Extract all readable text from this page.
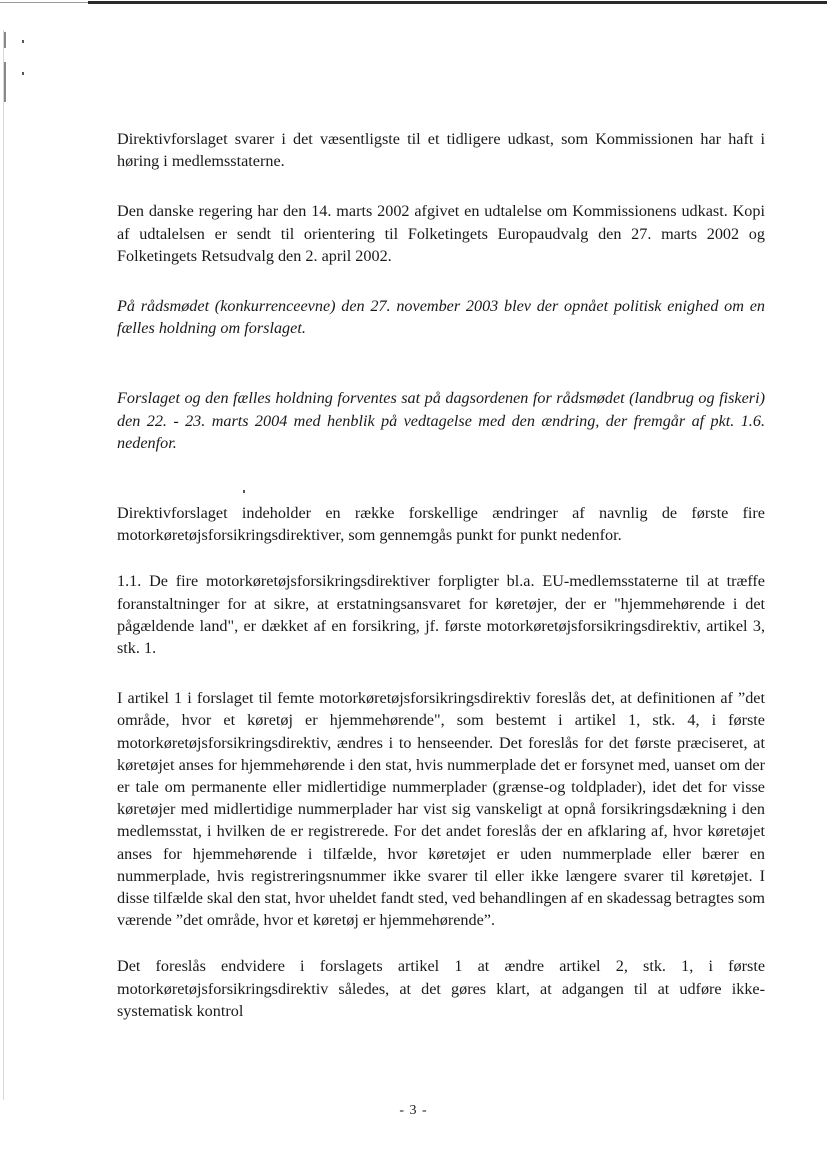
Direktivforslaget svarer i det væsentligste til et tidligere udkast, som Kommissionen har haft i høring i medlemsstaterne.

Den danske regering har den 14. marts 2002 afgivet en udtalelse om Kommissionens udkast. Kopi af udtalelsen er sendt til orientering til Folketingets Europaudvalg den 27. marts 2002 og Folketingets Retsudvalg den 2. april 2002.

På rådsmødet (konkurrenceevne) den 27. november 2003 blev der opnået politisk enighed om en fælles holdning om forslaget.

Forslaget og den fælles holdning forventes sat på dagsordenen for rådsmødet (landbrug og fiskeri) den 22. - 23. marts 2004 med henblik på vedtagelse med den ændring, der fremgår af pkt. 1.6. nedenfor.

Direktivforslaget indeholder en række forskellige ændringer af navnlig de første fire motorkøretøjsforsikringsdirektiver, som gennemgås punkt for punkt nedenfor.

1.1. De fire motorkøretøjsforsikringsdirektiver forpligter bl.a. EU-medlemsstaterne til at træffe foranstaltninger for at sikre, at erstatningsansvaret for køretøjer, der er "hjemmehørende i det pågældende land", er dækket af en forsikring, jf. første motorkøretøjsforsikringsdirektiv, artikel 3, stk. 1.

I artikel 1 i forslaget til femte motorkøretøjsforsikringsdirektiv foreslås det, at definitionen af ”det område, hvor et køretøj er hjemmehørende", som bestemt i artikel 1, stk. 4, i første motorkøretøjsforsikringsdirektiv, ændres i to henseender. Det foreslås for det første præciseret, at køretøjet anses for hjemmehørende i den stat, hvis nummerplade det er forsynet med, uanset om der er tale om permanente eller midlertidige nummerplader (grænse-og toldplader), idet det for visse køretøjer med midlertidige nummerplader har vist sig vanskeligt at opnå forsikringsdækning i den medlemsstat, i hvilken de er registrerede. For det andet foreslås der en afklaring af, hvor køretøjet anses for hjemmehørende i tilfælde, hvor køretøjet er uden nummerplade eller bærer en nummerplade, hvis registreringsnummer ikke svarer til eller ikke længere svarer til køretøjet. I disse tilfælde skal den stat, hvor uheldet fandt sted, ved behandlingen af en skadessag betragtes som værende ”det område, hvor et køretøj er hjemmehørende”.

Det foreslås endvidere i forslagets artikel 1 at ændre artikel 2, stk. 1, i første motorkøretøjsforsikringsdirektiv således, at det gøres klart, at adgangen til at udføre ikke-systematisk kontrol

- 3 -
